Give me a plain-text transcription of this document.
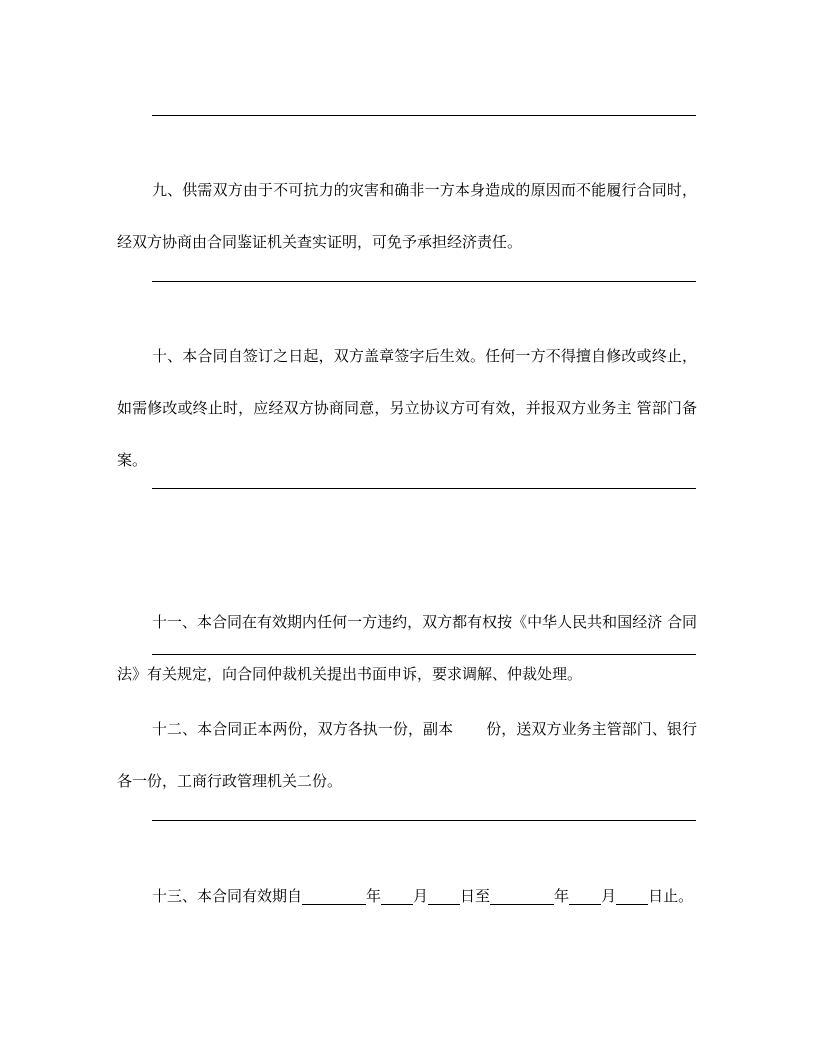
九、供需双方由于不可抗力的灾害和确非一方本身造成的原因而不能履行合同时，经双方协商由合同鉴证机关查实证明，可免予承担经济责任。

十、本合同自签订之日起，双方盖章签字后生效。任何一方不得擅自修改或终止，如需修改或终止时，应经双方协商同意，另立协议方可有效，并报双方业务主 管部门备案。

十一、本合同在有效期内任何一方违约，双方都有权按《中华人民共和国经济 合同法》有关规定，向合同仲裁机关提出书面申诉，要求调解、仲裁处理。

十二、本合同正本两份，双方各执一份，副本 份，送双方业务主管部门、银行各一份，工商行政管理机关二份。

十三、本合同有效期自	年 月 日至	年 月 日止。
